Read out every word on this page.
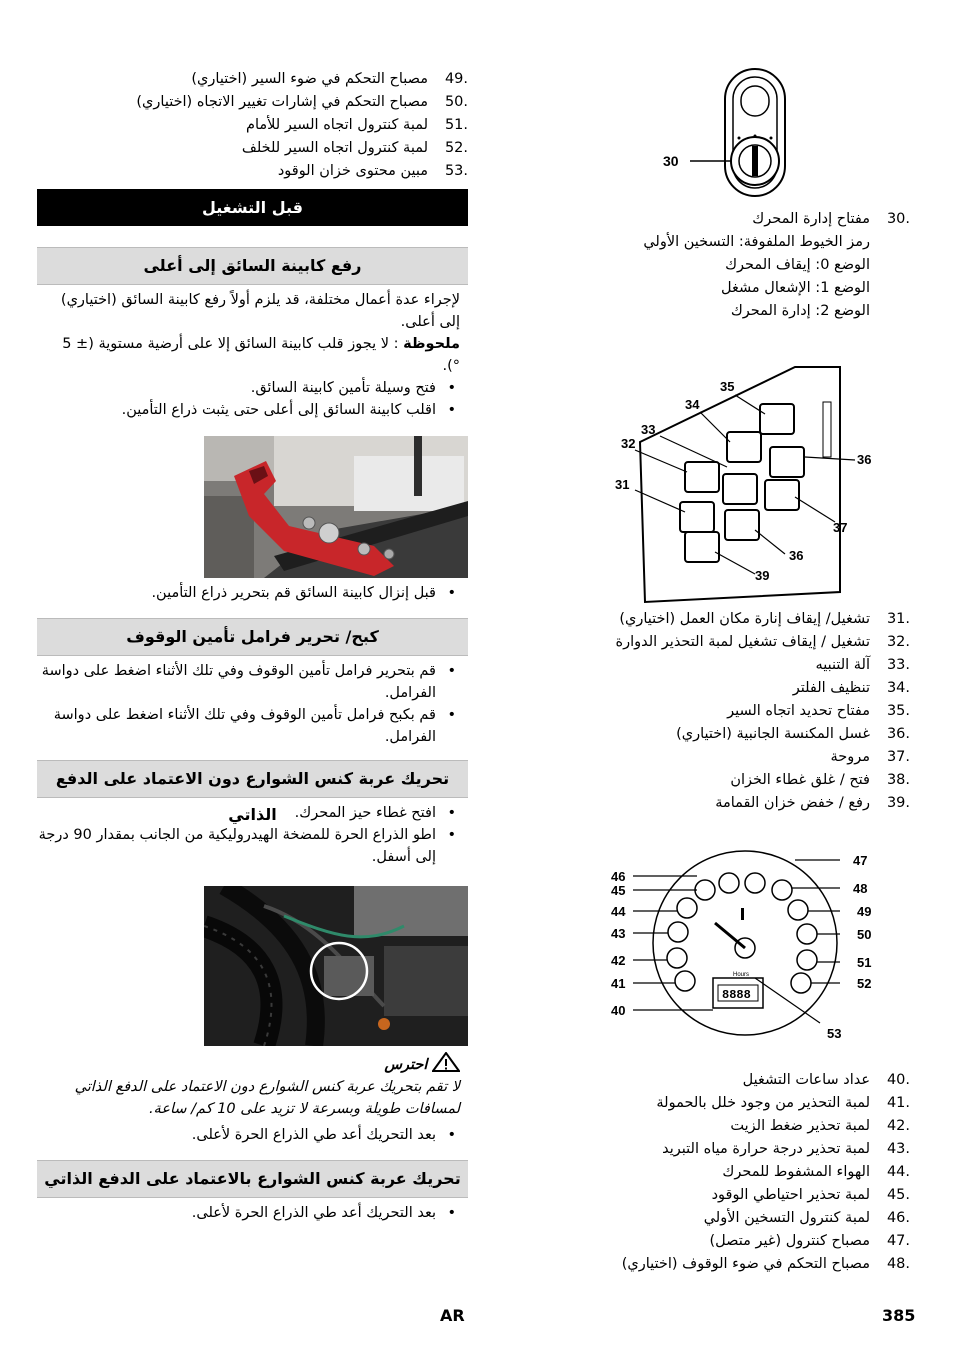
49.
مصباح التحكم في ضوء السير (اختياري)
50.
مصباح التحكم في إشارات تغيير الاتجاه (اختياري)
51.
لمبة كنترول اتجاه السير للأمام
52.
لمبة كنترول اتجاه السير للخلف
53.
مبين محتوى خزان الوقود
قبل التشغيل
رفع كابينة السائق إلى أعلى
لإجراء عدة أعمال مختلفة، قد يلزم أولاً رفع كابينة السائق (اختياري) إلى أعلى.
ملحوظة : لا يجوز قلب كابينة السائق إلا على أرضية مستوية (± 5 °).
• فتح وسيلة تأمين كابينة السائق.
• اقلب كابينة السائق إلى أعلى حتى يثبت ذراع التأمين.
• قبل إنزال كابينة السائق قم بتحرير ذراع التأمين.
كبح/ تحرير فرامل تأمين الوقوف
• قم بتحرير فرامل تأمين الوقوف وفي تلك الأثناء اضغط على دواسة الفرامل.
• قم بكبح فرامل تأمين الوقوف وفي تلك الأثناء اضغط على دواسة الفرامل.
تحريك عربة كنس الشوارع دون الاعتماد على الدفع الذاتي
•	افتح غطاء حيز المحرك.
• اطو الذراع الحرة للمضخة الهيدروليكية من الجانب بمقدار 90 درجة إلى أسفل.
احترس
لا تقم بتحريك عربة كنس الشوارع دون الاعتماد على الدفع الذاتي لمسافات طويلة وبسرعة لا تزيد على 10 كم/ ساعة.
• بعد التحريك أعد طي الذراع الحرة لأعلى.
تحريك عربة كنس الشوارع بالاعتماد على الدفع الذاتي
• بعد التحريك أعد طي الذراع الحرة لأعلى.
30
30.
مفتاح إدارة المحرك
رمز الخيوط الملفوفة: التسخين الأولي
الوضع 0: إيقاف المحرك
الوضع 1: الإشعال مشغل
الوضع 2: إدارة المحرك
31
32
33
34
35
36
36
37
39
31.
تشغيل/ إيقاف إنارة مكان العمل (اختياري)
32.
تشغيل / إيقاف تشغيل لمبة التحذير الدوارة
33.
آلة التنبيه
34.
تنظيف الفلتر
35.
مفتاح تحديد اتجاه السير
36.
غسل المكنسة الجانبية (اختياري)
37.
مروحة
38.
فتح / غلق غطاء الخزان
39.
رفع / خفض خزان القمامة
Hours
8888
46
45
44
43
42
41
40
47
48
49
50
51
52
53
40.
عداد ساعات التشغيل
41.
لمبة التحذير من وجود خلل بالحمولة
42.
لمبة تحذير ضغط الزيت
43.
لمبة تحذير درجة حرارة مياه التبريد
44.
الهواء المشفوط للمحرك
45.
لمبة تحذير احتياطي الوقود
46.
لمبة كنترول التسخين الأولي
47.
مصباح كنترول (غير متصل)
48.
مصباح التحكم في ضوء الوقوف (اختياري)
AR	385
